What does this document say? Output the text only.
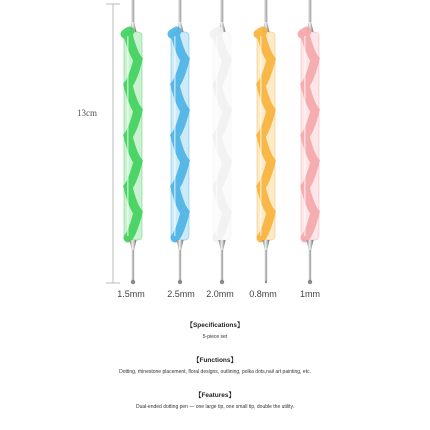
13cm
1.5mm 2.5mm 2.0mm 0.8mm	1mm
【Specifications】
5-piece set
【Functions】
Dotting, rhinestone placement, floral designs, outlining, polka dots,nail art painting, etc.
【Features】
Dual-ended dotting pen — one large tip, one small tip, double the utility.
